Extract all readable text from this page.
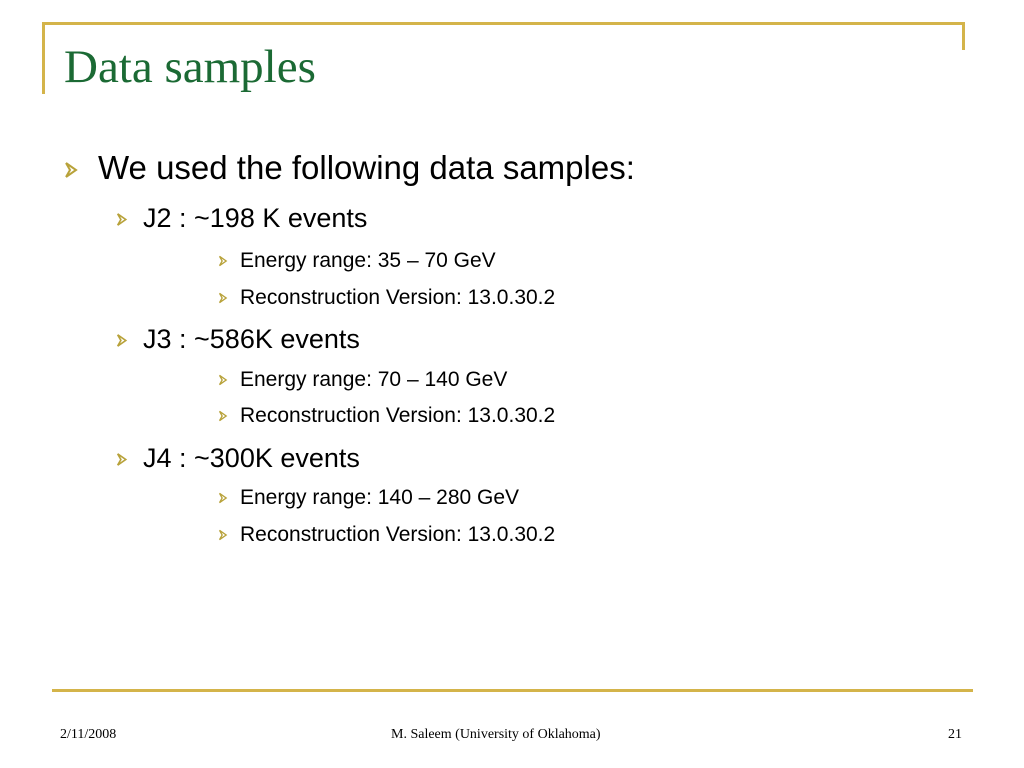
Data samples
We used the following data samples:
J2 : ~198 K events
Energy range: 35 – 70 GeV
Reconstruction Version: 13.0.30.2
J3 : ~586K events
Energy range: 70 – 140 GeV
Reconstruction Version: 13.0.30.2
J4 : ~300K events
Energy range: 140 – 280 GeV
Reconstruction Version: 13.0.30.2
2/11/2008	M. Saleem (University of Oklahoma)	21
